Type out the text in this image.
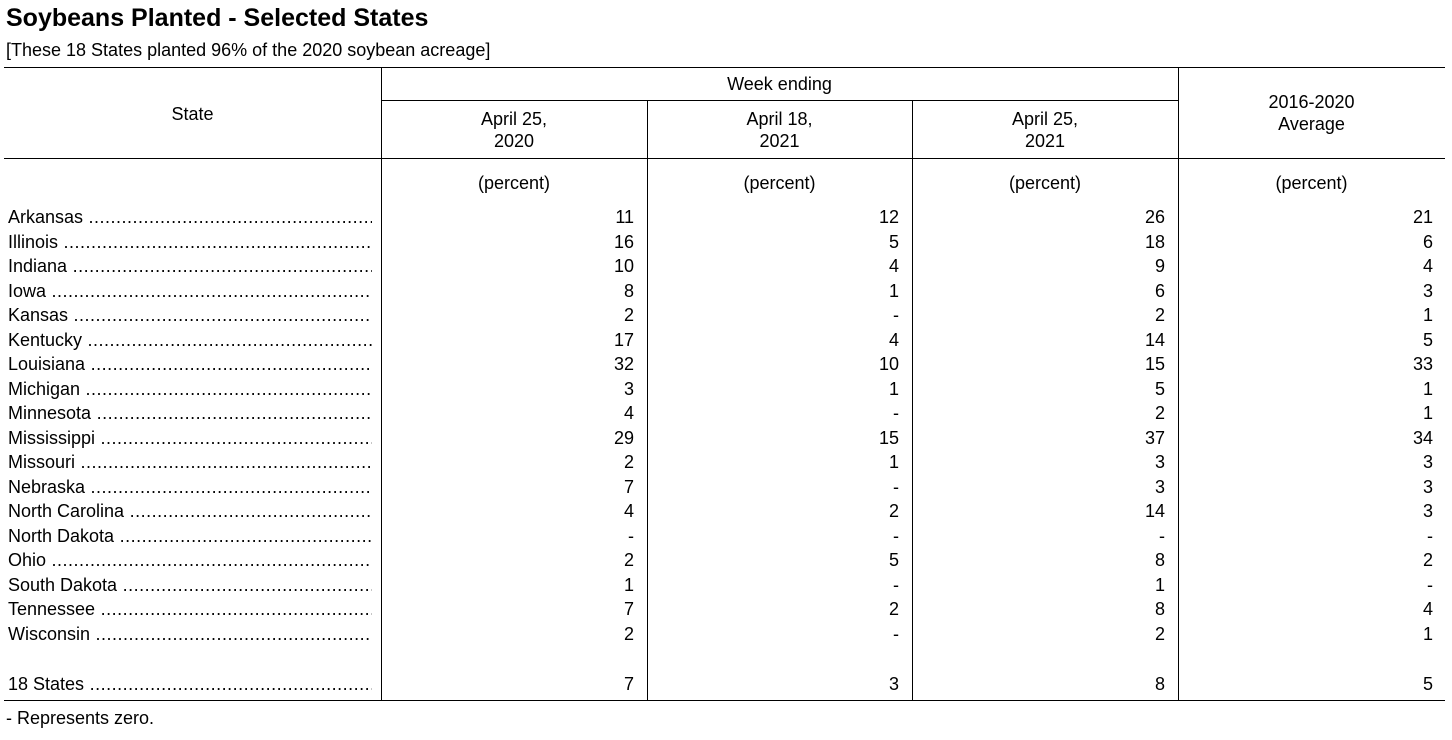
Soybeans Planted - Selected States
[These 18 States planted 96% of the 2020 soybean acreage]
State
Week ending
April 25,
2020
April 18,
2021
April 25,
2021
2016-2020
Average
(percent)	(percent)	(percent)	(percent)
Arkansas .....	11	12	26	21
Illinois .....	16	5	18	6
Indiana .....	10	4	9	4
Iowa .....	8	1	6	3
Kansas .....	2	-	2	1
Kentucky .....	17	4	14	5
Louisiana .....	32	10	15	33
Michigan .....	3	1	5	1
Minnesota .....	4	-	2	1
Mississippi .....	29	15	37	34
Missouri .....	2	1	3	3
Nebraska .....	7	-	3	3
North Carolina .....	4	2	14	3
North Dakota .....	-	-	-	-
Ohio .....	2	5	8	2
South Dakota .....	1	-	1	-
Tennessee .....	7	2	8	4
Wisconsin .....	2	-	2	1
18 States .....	7	3	8	5
- Represents zero.
